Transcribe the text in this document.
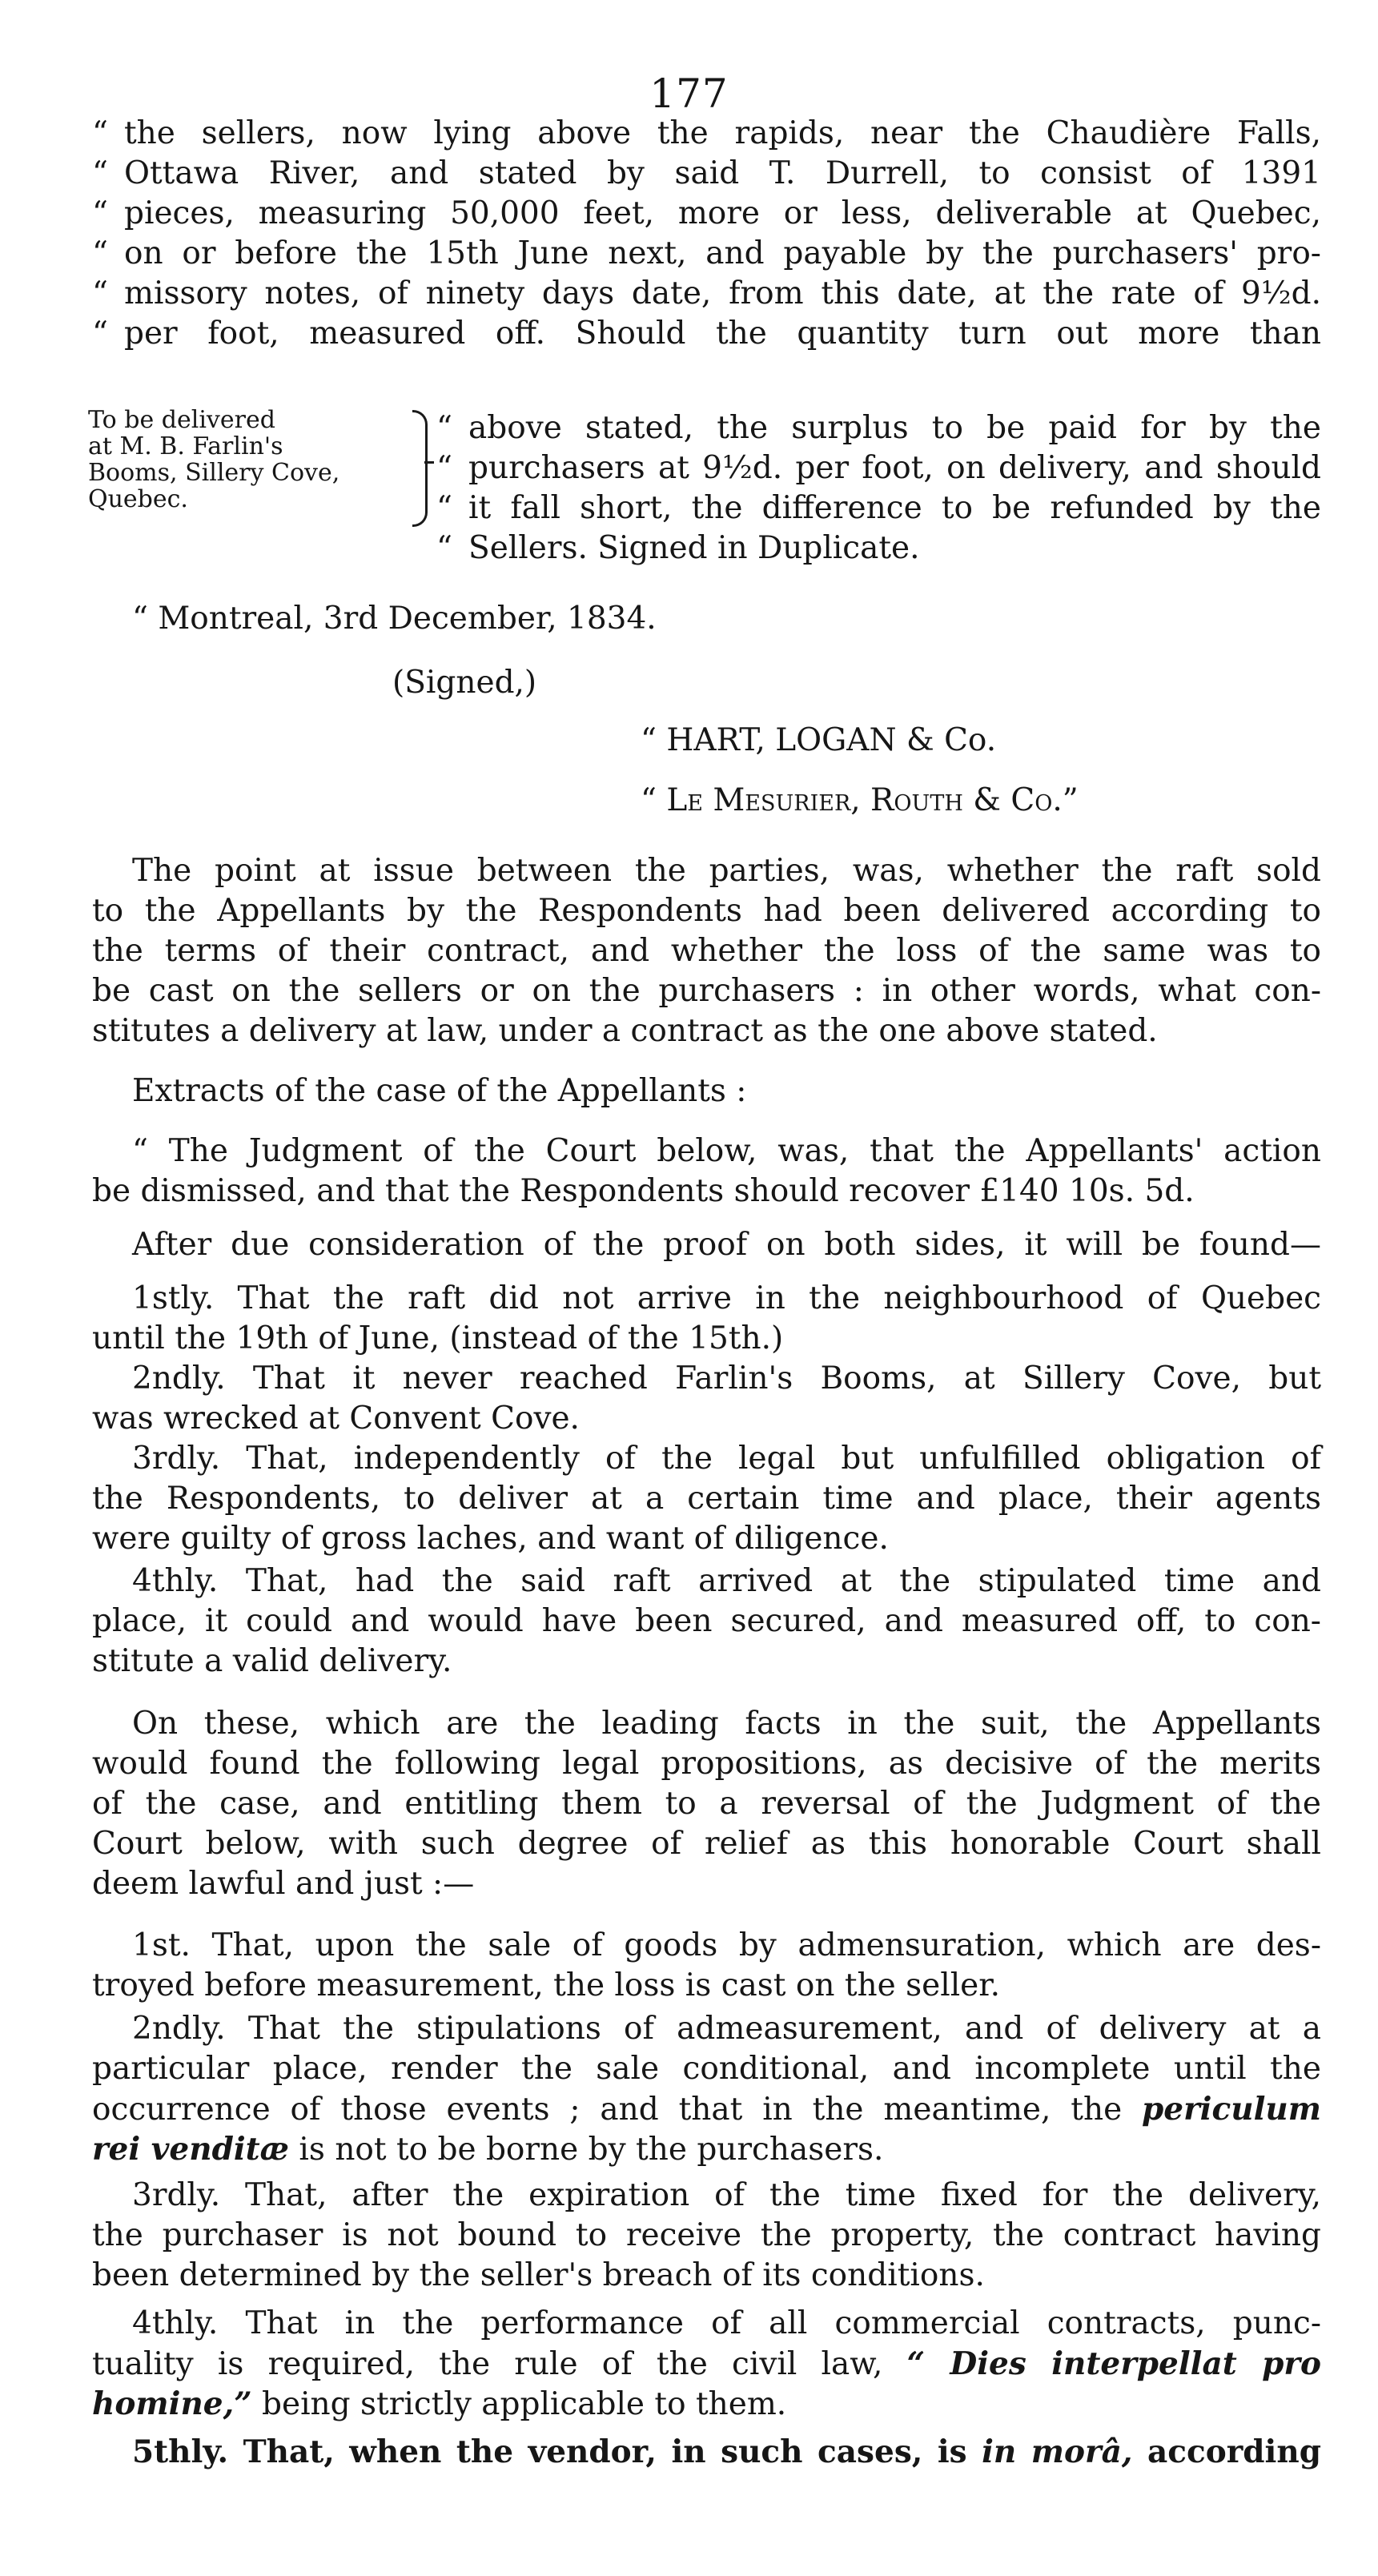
177
“ the sellers, now lying above the rapids, near the Chaudière Falls,
“ Ottawa River, and stated by said T. Durrell, to consist of 1391
“ pieces, measuring 50,000 feet, more or less, deliverable at Quebec,
“ on or before the 15th June next, and payable by the purchasers' pro-
“ missory notes, of ninety days date, from this date, at the rate of 9½d.
“ per foot, measured off. Should the quantity turn out more than
To be delivered
at M. B. Farlin's
Booms, Sillery Cove,
Quebec.
“ above stated, the surplus to be paid for by the
“ purchasers at 9½d. per foot, on delivery, and should
“ it fall short, the difference to be refunded by the
“ Sellers. Signed in Duplicate.
“ Montreal, 3rd December, 1834.
(Signed,)
“ HART, LOGAN & Co.
“ Le Mesurier, Routh & Co.”
The point at issue between the parties, was, whether the raft sold
to the Appellants by the Respondents had been delivered according to
the terms of their contract, and whether the loss of the same was to
be cast on the sellers or on the purchasers : in other words, what con-
stitutes a delivery at law, under a contract as the one above stated.
Extracts of the case of the Appellants :
“ The Judgment of the Court below, was, that the Appellants' action
be dismissed, and that the Respondents should recover £140 10s. 5d.
After due consideration of the proof on both sides, it will be found—
1stly. That the raft did not arrive in the neighbourhood of Quebec
until the 19th of June, (instead of the 15th.)
2ndly. That it never reached Farlin's Booms, at Sillery Cove, but
was wrecked at Convent Cove.
3rdly. That, independently of the legal but unfulfilled obligation of
the Respondents, to deliver at a certain time and place, their agents
were guilty of gross laches, and want of diligence.
4thly. That, had the said raft arrived at the stipulated time and
place, it could and would have been secured, and measured off, to con-
stitute a valid delivery.
On these, which are the leading facts in the suit, the Appellants
would found the following legal propositions, as decisive of the merits
of the case, and entitling them to a reversal of the Judgment of the
Court below, with such degree of relief as this honorable Court shall
deem lawful and just :—
1st. That, upon the sale of goods by admensuration, which are des-
troyed before measurement, the loss is cast on the seller.
2ndly. That the stipulations of admeasurement, and of delivery at a
particular place, render the sale conditional, and incomplete until the
occurrence of those events ; and that in the meantime, the periculum
rei venditæ is not to be borne by the purchasers.
3rdly. That, after the expiration of the time fixed for the delivery,
the purchaser is not bound to receive the property, the contract having
been determined by the seller's breach of its conditions.
4thly. That in the performance of all commercial contracts, punc-
tuality is required, the rule of the civil law, “ Dies interpellat pro
homine,” being strictly applicable to them.
5thly. That, when the vendor, in such cases, is in morâ, according
